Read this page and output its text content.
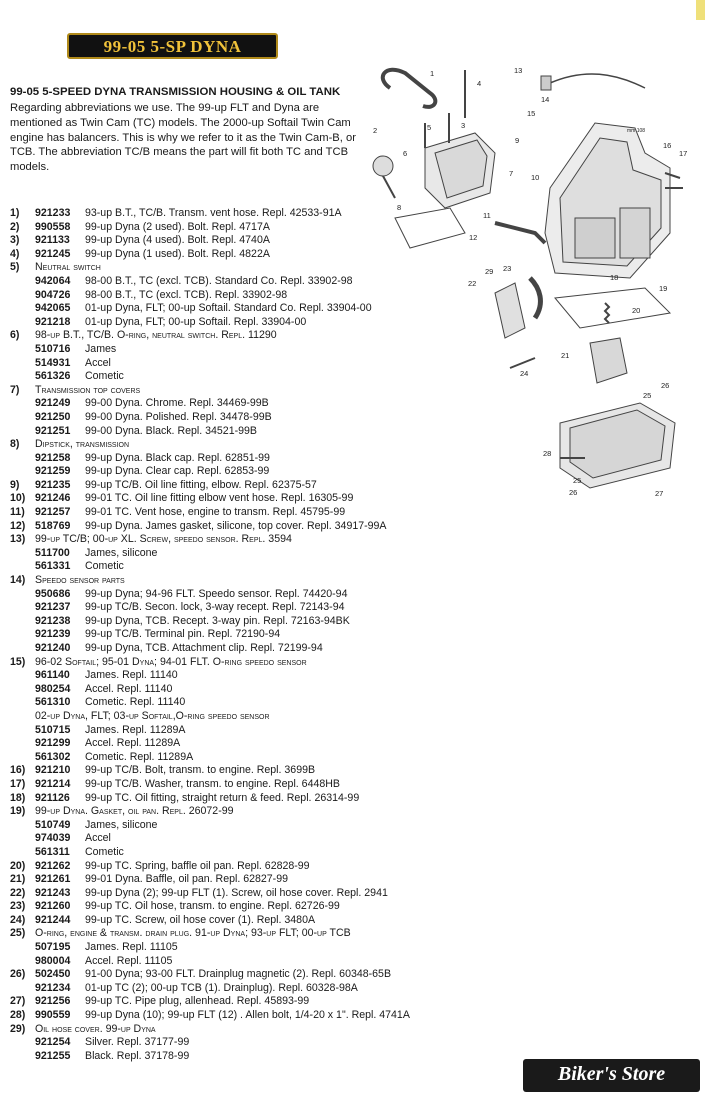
99-05 5-SP DYNA
99-05 5-SPEED DYNA TRANSMISSION HOUSING & OIL TANK
Regarding abbreviations we use. The 99-up FLT and Dyna are mentioned as Twin Cam (TC) models. The 2000-up Softail Twin Cam engine has balancers. This is why we refer to it as the Twin Cam-B, or TCB. The abbreviation TC/B means the part will fit both TC and TCB models.
1) 921233 93-up B.T., TC/B. Transm. vent hose. Repl. 42533-91A
2) 990558 99-up Dyna (2 used). Bolt. Repl. 4717A
3) 921133 99-up Dyna (4 used). Bolt. Repl. 4740A
4) 921245 99-up Dyna (1 used). Bolt. Repl. 4822A
5) Neutral switch
942064 98-00 B.T., TC (excl. TCB). Standard Co. Repl. 33902-98
904726 98-00 B.T., TC (excl. TCB). Repl. 33902-98
942065 01-up Dyna, FLT; 00-up Softail. Standard Co. Repl. 33904-00
921218 01-up Dyna, FLT; 00-up Softail. Repl. 33904-00
6) 98-up B.T., TC/B. O-ring, neutral switch. Repl. 11290
510716 James
514931 Accel
561326 Cometic
7) Transmission top covers
921249 99-00 Dyna. Chrome. Repl. 34469-99B
921250 99-00 Dyna. Polished. Repl. 34478-99B
921251 99-00 Dyna. Black. Repl. 34521-99B
8) Dipstick, transmission
921258 99-up Dyna. Black cap. Repl. 62851-99
921259 99-up Dyna. Clear cap. Repl. 62853-99
9) 921235 99-up TC/B. Oil line fitting, elbow. Repl. 62375-57
10) 921246 99-01 TC. Oil line fitting elbow vent hose. Repl. 16305-99
11) 921257 99-01 TC. Vent hose, engine to transm. Repl. 45795-99
12) 518769 99-up Dyna. James gasket, silicone, top cover. Repl. 34917-99A
13) 99-up TC/B; 00-up XL. Screw, speedo sensor. Repl. 3594
511700 James, silicone
561331 Cometic
14) Speedo sensor parts
950686 99-up Dyna; 94-96 FLT. Speedo sensor. Repl. 74420-94
921237 99-up TC/B. Secon. lock, 3-way recept. Repl. 72143-94
921238 99-up Dyna, TCB. Recept. 3-way pin. Repl. 72163-94BK
921239 99-up TC/B. Terminal pin. Repl. 72190-94
921240 99-up Dyna, TCB. Attachment clip. Repl. 72199-94
15) 96-02 Softail; 95-01 Dyna; 94-01 FLT. O-ring speedo sensor
961140 James. Repl. 11140
980254 Accel. Repl. 11140
561310 Cometic. Repl. 11140
02-up Dyna, FLT; 03-up Softail,O-ring speedo sensor
510715 James. Repl. 11289A
921299 Accel. Repl. 11289A
561302 Cometic. Repl. 11289A
16) 921210 99-up TC/B. Bolt, transm. to engine. Repl. 3699B
17) 921214 99-up TC/B. Washer, transm. to engine. Repl. 6448HB
18) 921126 99-up TC. Oil fitting, straight return & feed. Repl. 26314-99
19) 99-up Dyna. Gasket, oil pan. Repl. 26072-99
510749 James, silicone
974039 Accel
561311 Cometic
20) 921262 99-up TC. Spring, baffle oil pan. Repl. 62828-99
21) 921261 99-01 Dyna. Baffle, oil pan. Repl. 62827-99
22) 921243 99-up Dyna (2); 99-up FLT (1). Screw, oil hose cover. Repl. 2941
23) 921260 99-up TC. Oil hose, transm. to engine. Repl. 62726-99
24) 921244 99-up TC. Screw, oil hose cover (1). Repl. 3480A
25) O-ring, engine & transm. drain plug. 91-up Dyna; 93-up FLT; 00-up TCB
507195 James. Repl. 11105
980004 Accel. Repl. 11105
26) 502450 91-00 Dyna; 93-00 FLT. Drainplug magnetic (2). Repl. 60348-65B
921234 01-up TC (2); 00-up TCB (1). Drainplug). Repl. 60328-98A
27) 921256 99-up TC. Pipe plug, allenhead. Repl. 45893-99
28) 990559 99-up Dyna (10); 99-up FLT (12) . Allen bolt, 1/4-20 x 1". Repl. 4741A
29) Oil hose cover. 99-up Dyna
921254 Silver. Repl. 37177-99
921255 Black. Repl. 37178-99
1
2
3
4
5
6
7
8
9
10
11
12
13
14
15
16
17
18
19
20
21
22
23
24
25
25
26
26	27
28
29
mm 108
Biker's Store
